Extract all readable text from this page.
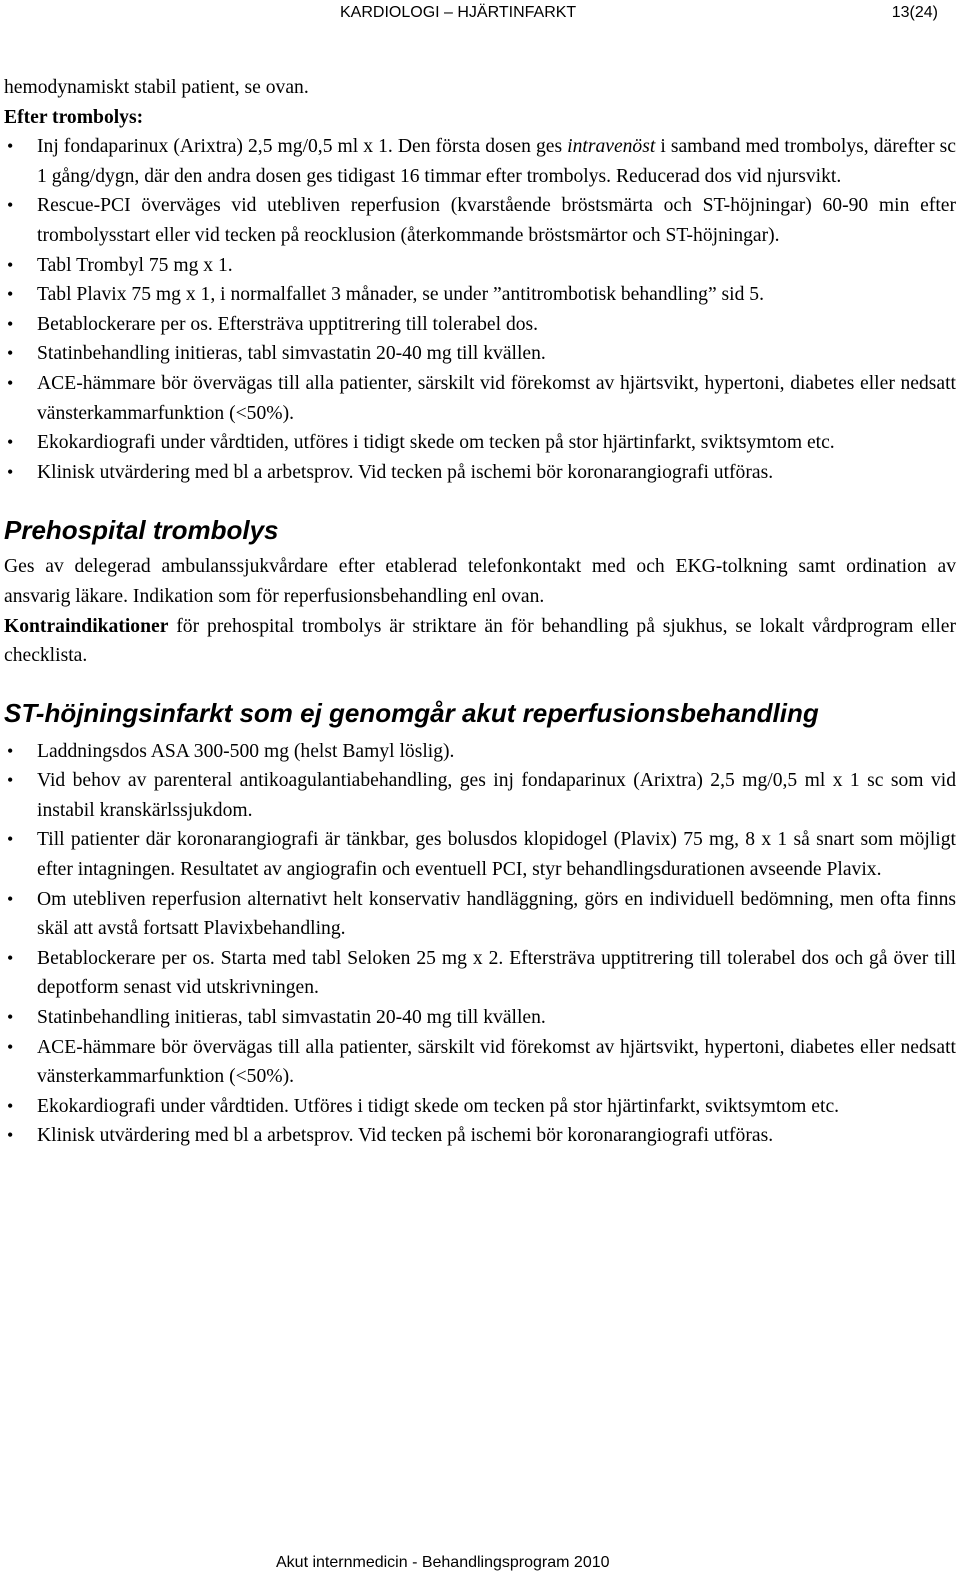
KARDIOLOGI – HJÄRTINFARKT	13(24)

hemodynamiskt stabil patient, se ovan.

Efter trombolys:

• Inj fondaparinux (Arixtra) 2,5 mg/0,5 ml x 1. Den första dosen ges intravenöst i samband med trombolys, därefter sc 1 gång/dygn, där den andra dosen ges tidigast 16 timmar efter trombolys. Reducerad dos vid njursvikt.
• Rescue-PCI överväges vid utebliven reperfusion (kvarstående bröstsmärta och ST-höjningar) 60-90 min efter trombolysstart eller vid tecken på reocklusion (återkommande bröstsmärtor och ST-höjningar).
• Tabl Trombyl 75 mg x 1.
• Tabl Plavix 75 mg x 1, i normalfallet 3 månader, se under ”antitrombotisk behandling” sid 5.
• Betablockerare per os. Eftersträva upptitrering till tolerabel dos.
• Statinbehandling initieras, tabl simvastatin 20-40 mg till kvällen.
• ACE-hämmare bör övervägas till alla patienter, särskilt vid förekomst av hjärtsvikt, hypertoni, diabetes eller nedsatt vänsterkammarfunktion (<50%).
• Ekokardiografi under vårdtiden, utföres i tidigt skede om tecken på stor hjärtinfarkt, sviktsymtom etc.
• Klinisk utvärdering med bl a arbetsprov. Vid tecken på ischemi bör koronarangiografi utföras.
Prehospital trombolys

Ges av delegerad ambulanssjukvårdare efter etablerad telefonkontakt med och EKG-tolkning samt ordination av ansvarig läkare. Indikation som för reperfusionsbehandling enl ovan.

Kontraindikationer för prehospital trombolys är striktare än för behandling på sjukhus, se lokalt vårdprogram eller checklista.

ST-höjningsinfarkt som ej genomgår akut reperfusionsbehandling
• Laddningsdos ASA 300-500 mg (helst Bamyl löslig).
• Vid behov av parenteral antikoagulantiabehandling, ges inj fondaparinux (Arixtra) 2,5 mg/0,5 ml x 1 sc som vid instabil kranskärlssjukdom.
• Till patienter där koronarangiografi är tänkbar, ges bolusdos klopidogel (Plavix) 75 mg, 8 x 1 så snart som möjligt efter intagningen. Resultatet av angiografin och eventuell PCI, styr behandlingsdurationen avseende Plavix.
• Om utebliven reperfusion alternativt helt konservativ handläggning, görs en individuell bedömning, men ofta finns skäl att avstå fortsatt Plavixbehandling.
• Betablockerare per os. Starta med tabl Seloken 25 mg x 2. Eftersträva upptitrering till tolerabel dos och gå över till depotform senast vid utskrivningen.
• Statinbehandling initieras, tabl simvastatin 20-40 mg till kvällen.
• ACE-hämmare bör övervägas till alla patienter, särskilt vid förekomst av hjärtsvikt, hypertoni, diabetes eller nedsatt vänsterkammarfunktion (<50%).
• Ekokardiografi under vårdtiden. Utföres i tidigt skede om tecken på stor hjärtinfarkt, sviktsymtom etc.
• Klinisk utvärdering med bl a arbetsprov. Vid tecken på ischemi bör koronarangiografi utföras.
Akut internmedicin - Behandlingsprogram 2010
